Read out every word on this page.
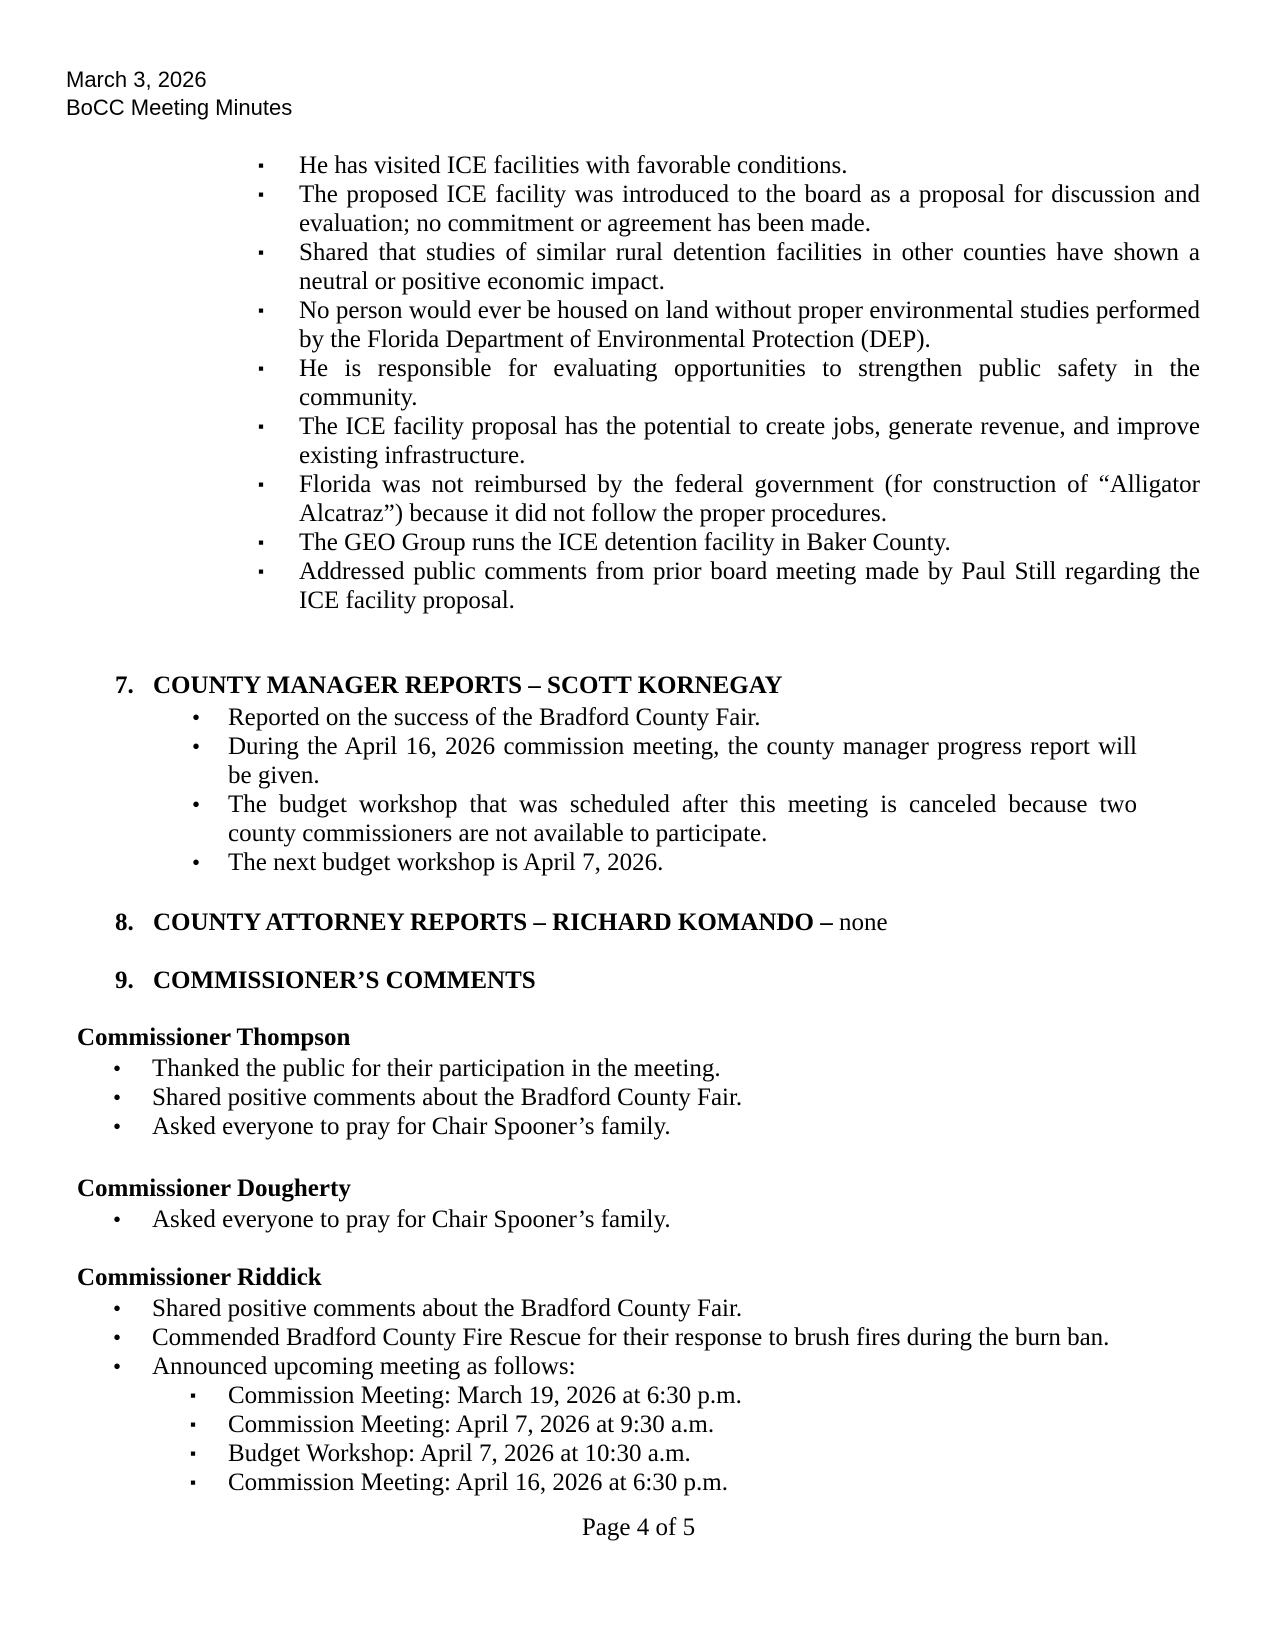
March 3, 2026
BoCC Meeting Minutes
▪ He has visited ICE facilities with favorable conditions.
▪ The proposed ICE facility was introduced to the board as a proposal for discussion and evaluation; no commitment or agreement has been made.
▪ Shared that studies of similar rural detention facilities in other counties have shown a neutral or positive economic impact.
▪ No person would ever be housed on land without proper environmental studies performed by the Florida Department of Environmental Protection (DEP).
▪ He is responsible for evaluating opportunities to strengthen public safety in the community.
▪ The ICE facility proposal has the potential to create jobs, generate revenue, and improve existing infrastructure.
▪ Florida was not reimbursed by the federal government (for construction of “Alligator Alcatraz”) because it did not follow the proper procedures.
▪ The GEO Group runs the ICE detention facility in Baker County.
▪ Addressed public comments from prior board meeting made by Paul Still regarding the ICE facility proposal.
7. COUNTY MANAGER REPORTS – SCOTT KORNEGAY
• Reported on the success of the Bradford County Fair.
• During the April 16, 2026 commission meeting, the county manager progress report will be given.
• The budget workshop that was scheduled after this meeting is canceled because two county commissioners are not available to participate.
• The next budget workshop is April 7, 2026.
8. COUNTY ATTORNEY REPORTS – RICHARD KOMANDO – none
9. COMMISSIONER’S COMMENTS
Commissioner Thompson
• Thanked the public for their participation in the meeting.
• Shared positive comments about the Bradford County Fair.
• Asked everyone to pray for Chair Spooner’s family.
Commissioner Dougherty
• Asked everyone to pray for Chair Spooner’s family.
Commissioner Riddick
• Shared positive comments about the Bradford County Fair.
• Commended Bradford County Fire Rescue for their response to brush fires during the burn ban.
• Announced upcoming meeting as follows:
▪ Commission Meeting: March 19, 2026 at 6:30 p.m.
▪ Commission Meeting: April 7, 2026 at 9:30 a.m.
▪ Budget Workshop: April 7, 2026 at 10:30 a.m.
▪ Commission Meeting: April 16, 2026 at 6:30 p.m.
Page 4 of 5
